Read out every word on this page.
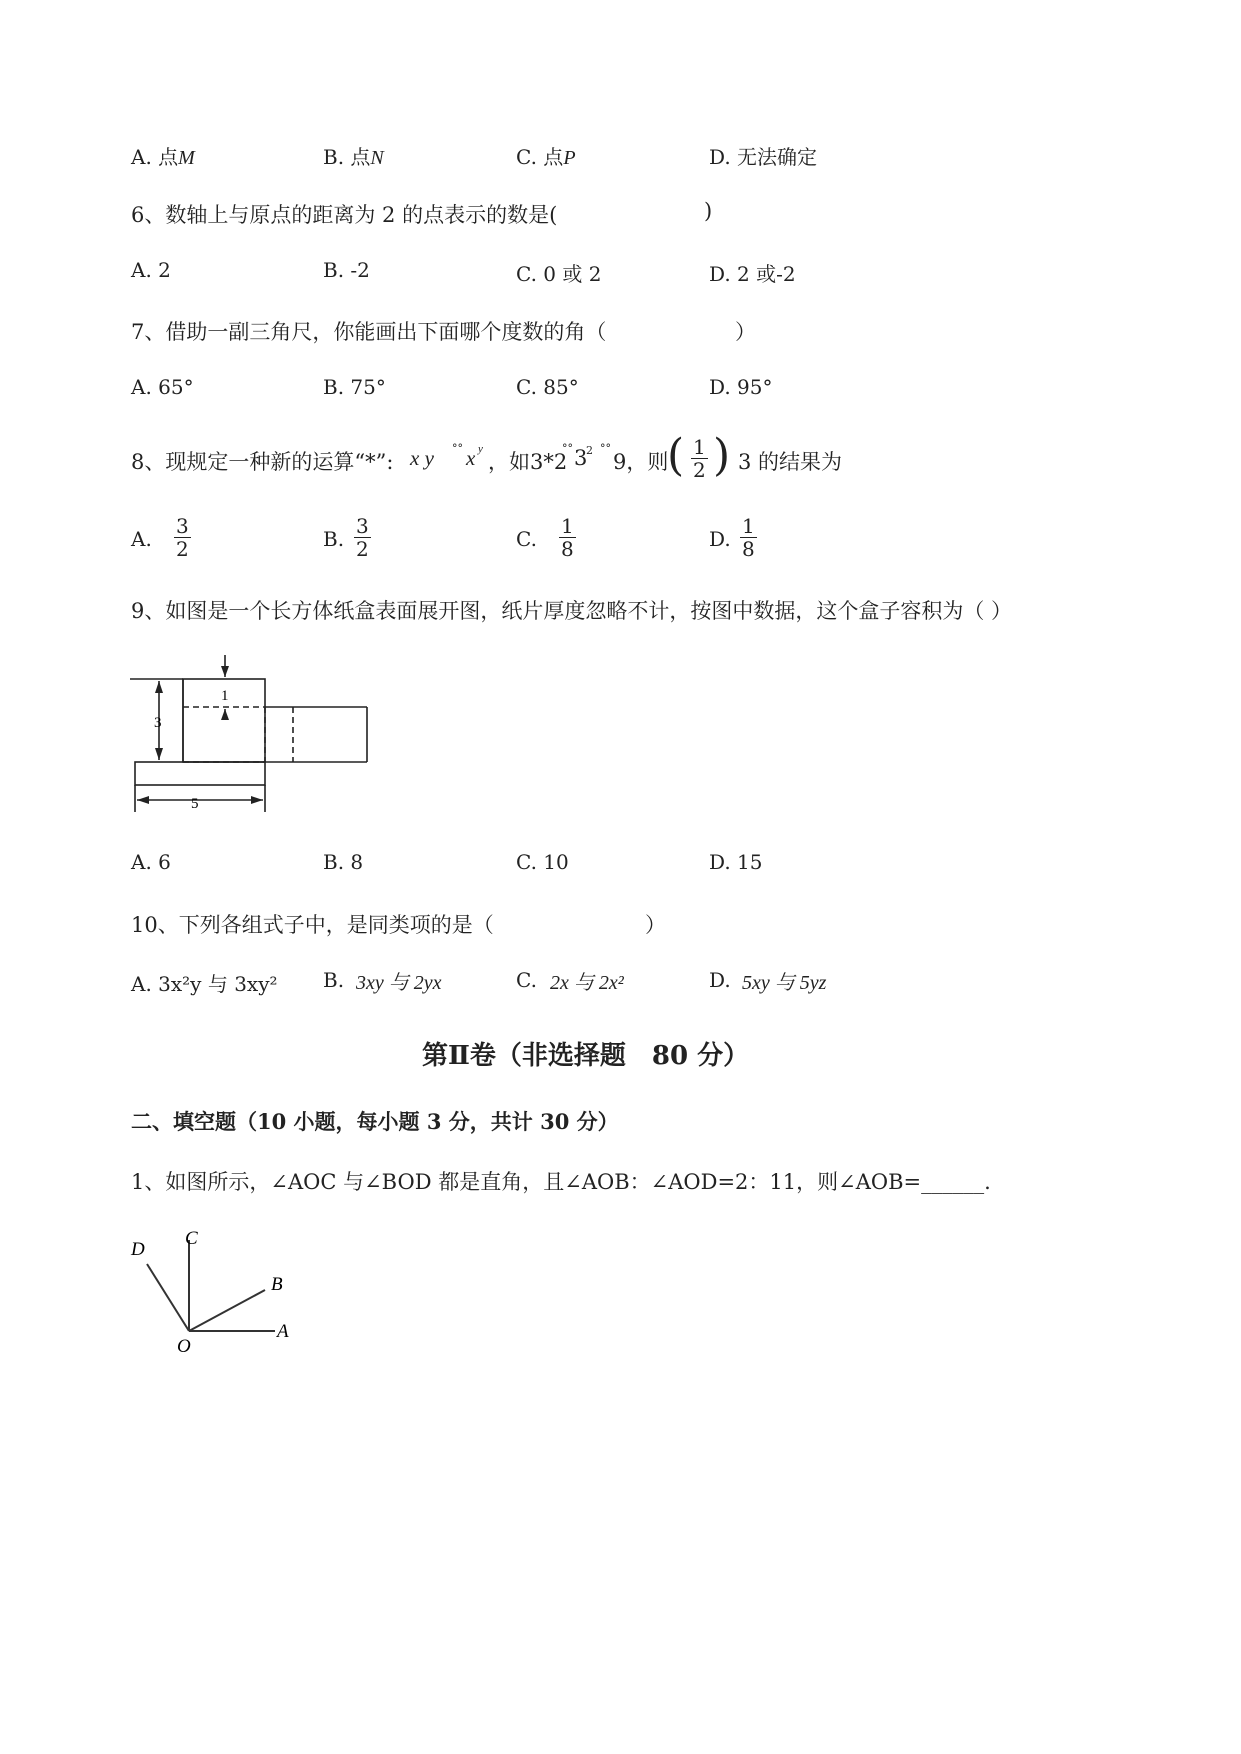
A. 点M	B. 点N	C. 点P	D. 无法确定
6、数轴上与原点的距离为 2 的点表示的数是(	)
A. 2	B. -2	C. 0 或 2	D. 2 或-2
7、借助一副三角尺，你能画出下面哪个度数的角（	）
A. 65°	B. 75°	C. 85°	D. 95°
8、现规定一种新的运算“*”: x y °° x y
，如3*2
°° 3
2 °°
9，则
( $\frac{1}{2}$ ) 3 的结果为
A. $\frac{3}{2}$	B. $\frac{3}{2}$	C. $\frac{1}{8}$	D. $\frac{1}{8}$
9、如图是一个长方体纸盒表面展开图，纸片厚度忽略不计，按图中数据，这个盒子容积为（ ）
1
3
5
A. 6	B. 8	C. 10	D. 15
10、下列各组式子中，是同类项的是（	）
A. 3x²y 与 3xy² B. 3xy 与 2yx	C. 2x 与 2x²	D. 5xy 与 5yz
第Ⅱ卷（非选择题　80 分）
二、填空题（10 小题，每小题 3 分，共计 30 分）
1、如图所示，∠AOC 与∠BOD 都是直角，且∠AOB：∠AOD=2：11，则∠AOB=______.
D
C
B
A
O
